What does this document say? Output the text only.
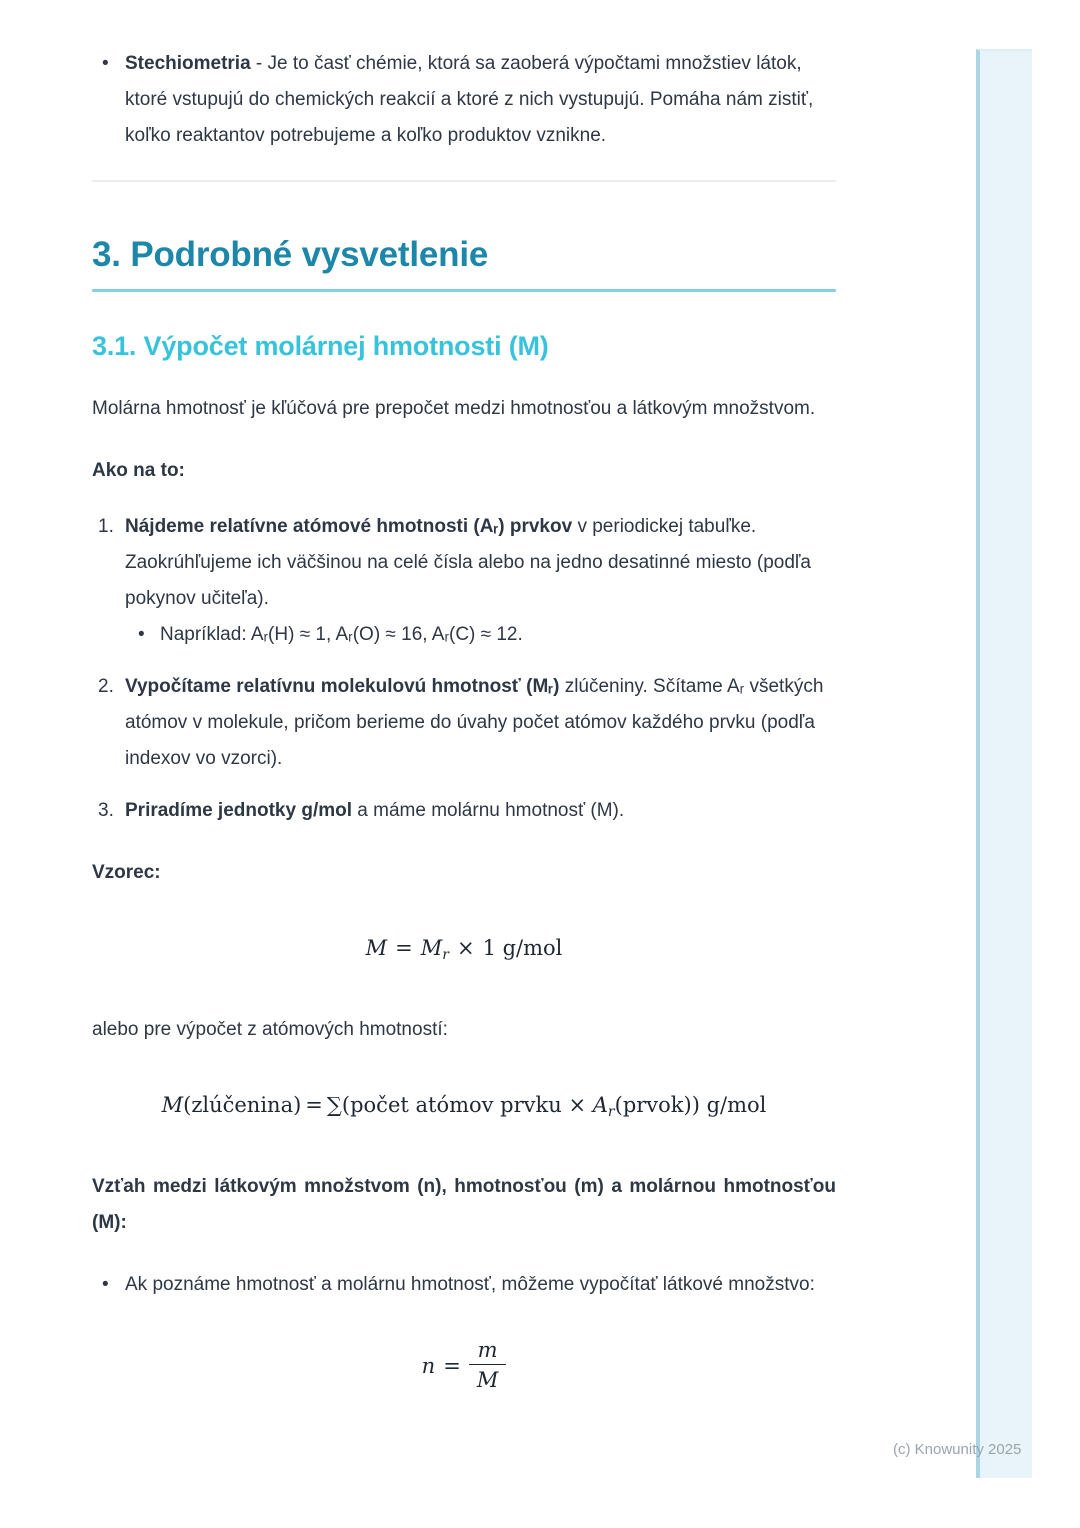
• Stechiometria - Je to časť chémie, ktorá sa zaoberá výpočtami množstiev látok, ktoré vstupujú do chemických reakcií a ktoré z nich vystupujú. Pomáha nám zistiť, koľko reaktantov potrebujeme a koľko produktov vznikne.
3. Podrobné vysvetlenie
3.1. Výpočet molárnej hmotnosti (M)

Molárna hmotnosť je kľúčová pre prepočet medzi hmotnosťou a látkovým množstvom.

Ako na to:

1. Nájdeme relatívne atómové hmotnosti (Aᵣ) prvkov v periodickej tabuľke. Zaokrúhľujeme ich väčšinou na celé čísla alebo na jedno desatinné miesto (podľa pokynov učiteľa).
• Napríklad: Aᵣ(H) ≈ 1, Aᵣ(O) ≈ 16, Aᵣ(C) ≈ 12.
2. Vypočítame relatívnu molekulovú hmotnosť (Mᵣ) zlúčeniny. Sčítame Aᵣ všetkých atómov v molekule, pričom berieme do úvahy počet atómov každého prvku (podľa indexov vo vzorci).
3. Priradíme jednotky g/mol a máme molárnu hmotnosť (M).

Vzorec:

$M = M_r \times 1$ g/mol

alebo pre výpočet z atómových hmotností:

M(zlúčenina) = ∑(počet atómov prvku × $A_r(prvok)$) g/mol

Vzťah medzi látkovým množstvom (n), hmotnosťou (m) a molárnou hmotnosťou (M):

• Ak poznáme hmotnosť a molárnu hmotnosť, môžeme vypočítať látkové množstvo:
$n = \frac{m}{M}$
(c) Knowunity 2025
